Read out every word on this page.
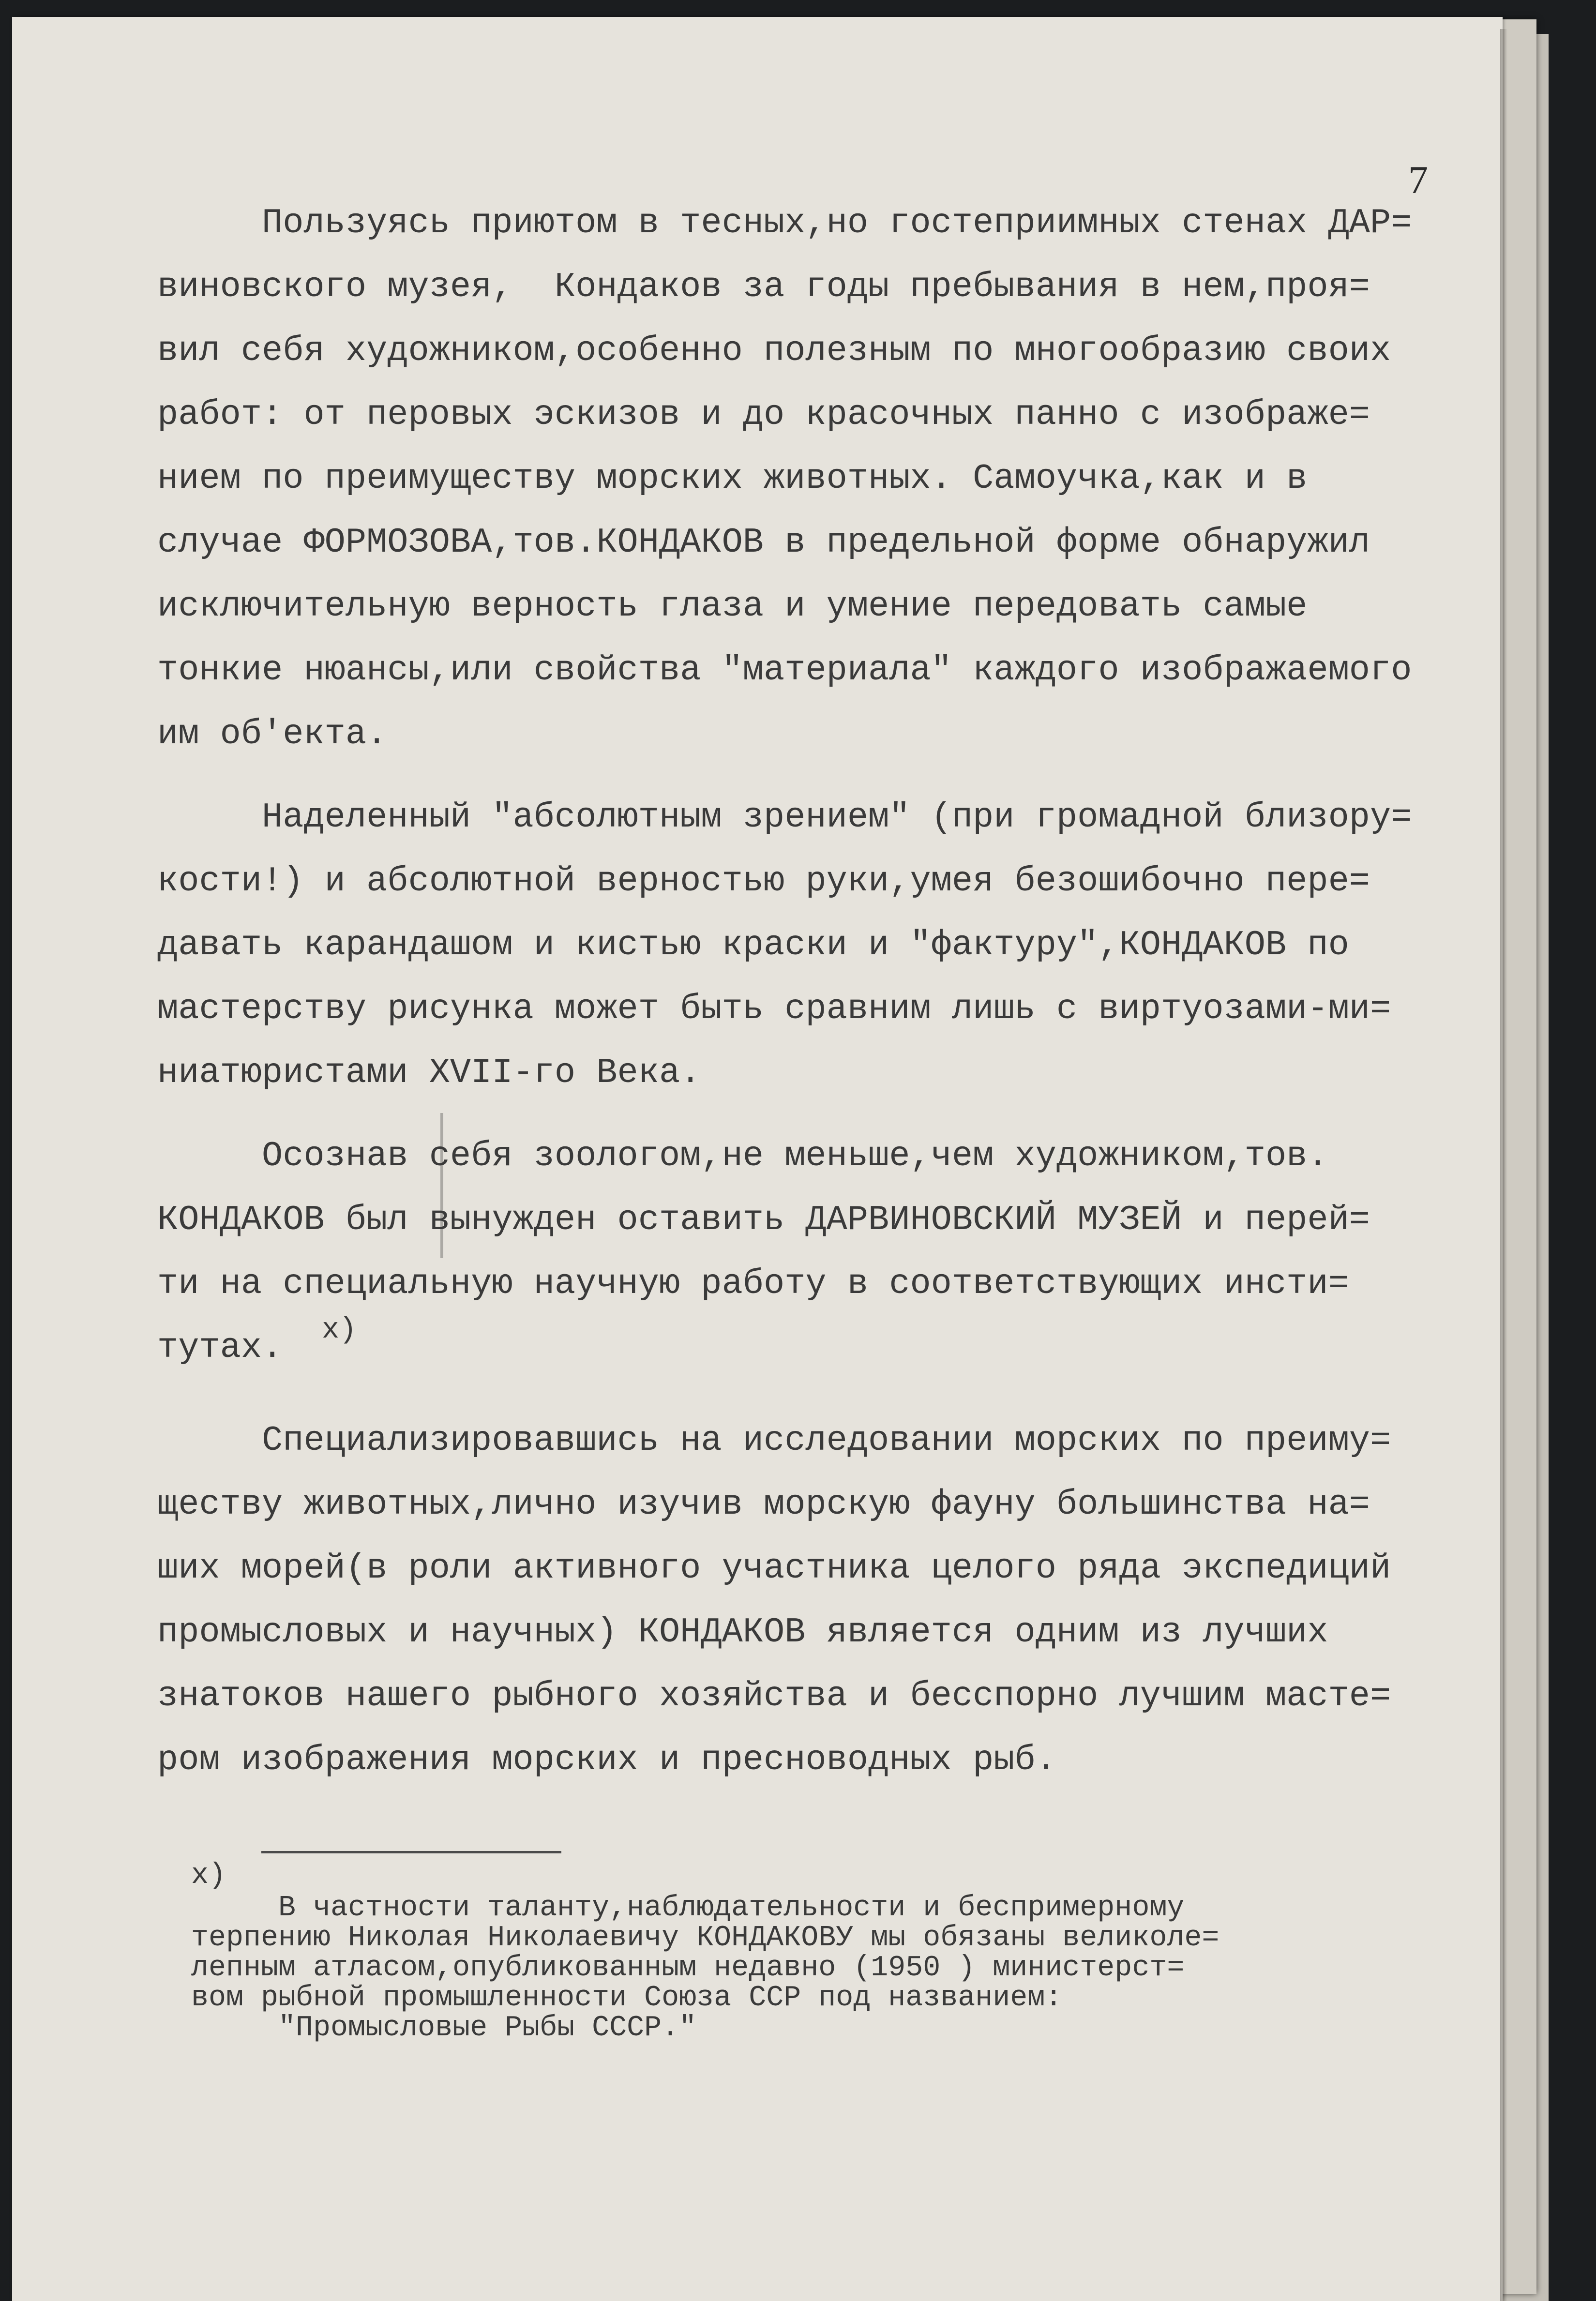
7
Пользуясь приютом в тесных,но гостеприимных стенах ДАР=
виновского музея,  Кондаков за годы пребывания в нем,проя=
вил себя художником,особенно полезным по многообразию своих
работ: от перовых эскизов и до красочных панно с изображе=
нием по преимуществу морских животных. Самоучка,как и в
случае ФОРМОЗОВА,тов.КОНДАКОВ в предельной форме обнаружил
исключительную верность глаза и умение передовать самые
тонкие нюансы,или свойства "материала" каждого изображаемого
им об'екта.
Наделенный "абсолютным зрением" (при громадной близору=
кости!) и абсолютной верностью руки,умея безошибочно пере=
давать карандашом и кистью краски и "фактуру",КОНДАКОВ по
мастерству рисунка может быть сравним лишь с виртуозами-ми=
ниатюристами XVII-го Века.
Осознав себя зоологом,не меньше,чем художником,тов.
КОНДАКОВ был вынужден оставить ДАРВИНОВСКИЙ МУЗЕЙ и перей=
ти на специальную научную работу в соответствующих инсти=
тутах.
Специализировавшись на исследовании морских по преиму=
ществу животных,лично изучив морскую фауну большинства на=
ших морей(в роли активного участника целого ряда экспедиций
промысловых и научных) КОНДАКОВ является одним из лучших
знатоков нашего рыбного хозяйства и бесспорно лучшим масте=
ром изображения морских и пресноводных рыб.
х)
х)
В частности таланту,наблюдательности и беспримерному
терпению Николая Николаевичу КОНДАКОВУ мы обязаны великоле=
лепным атласом,опубликованным недавно (1950 ) министерст=
вом рыбной промышленности Союза ССР под названием:
"Промысловые Рыбы СССР."
